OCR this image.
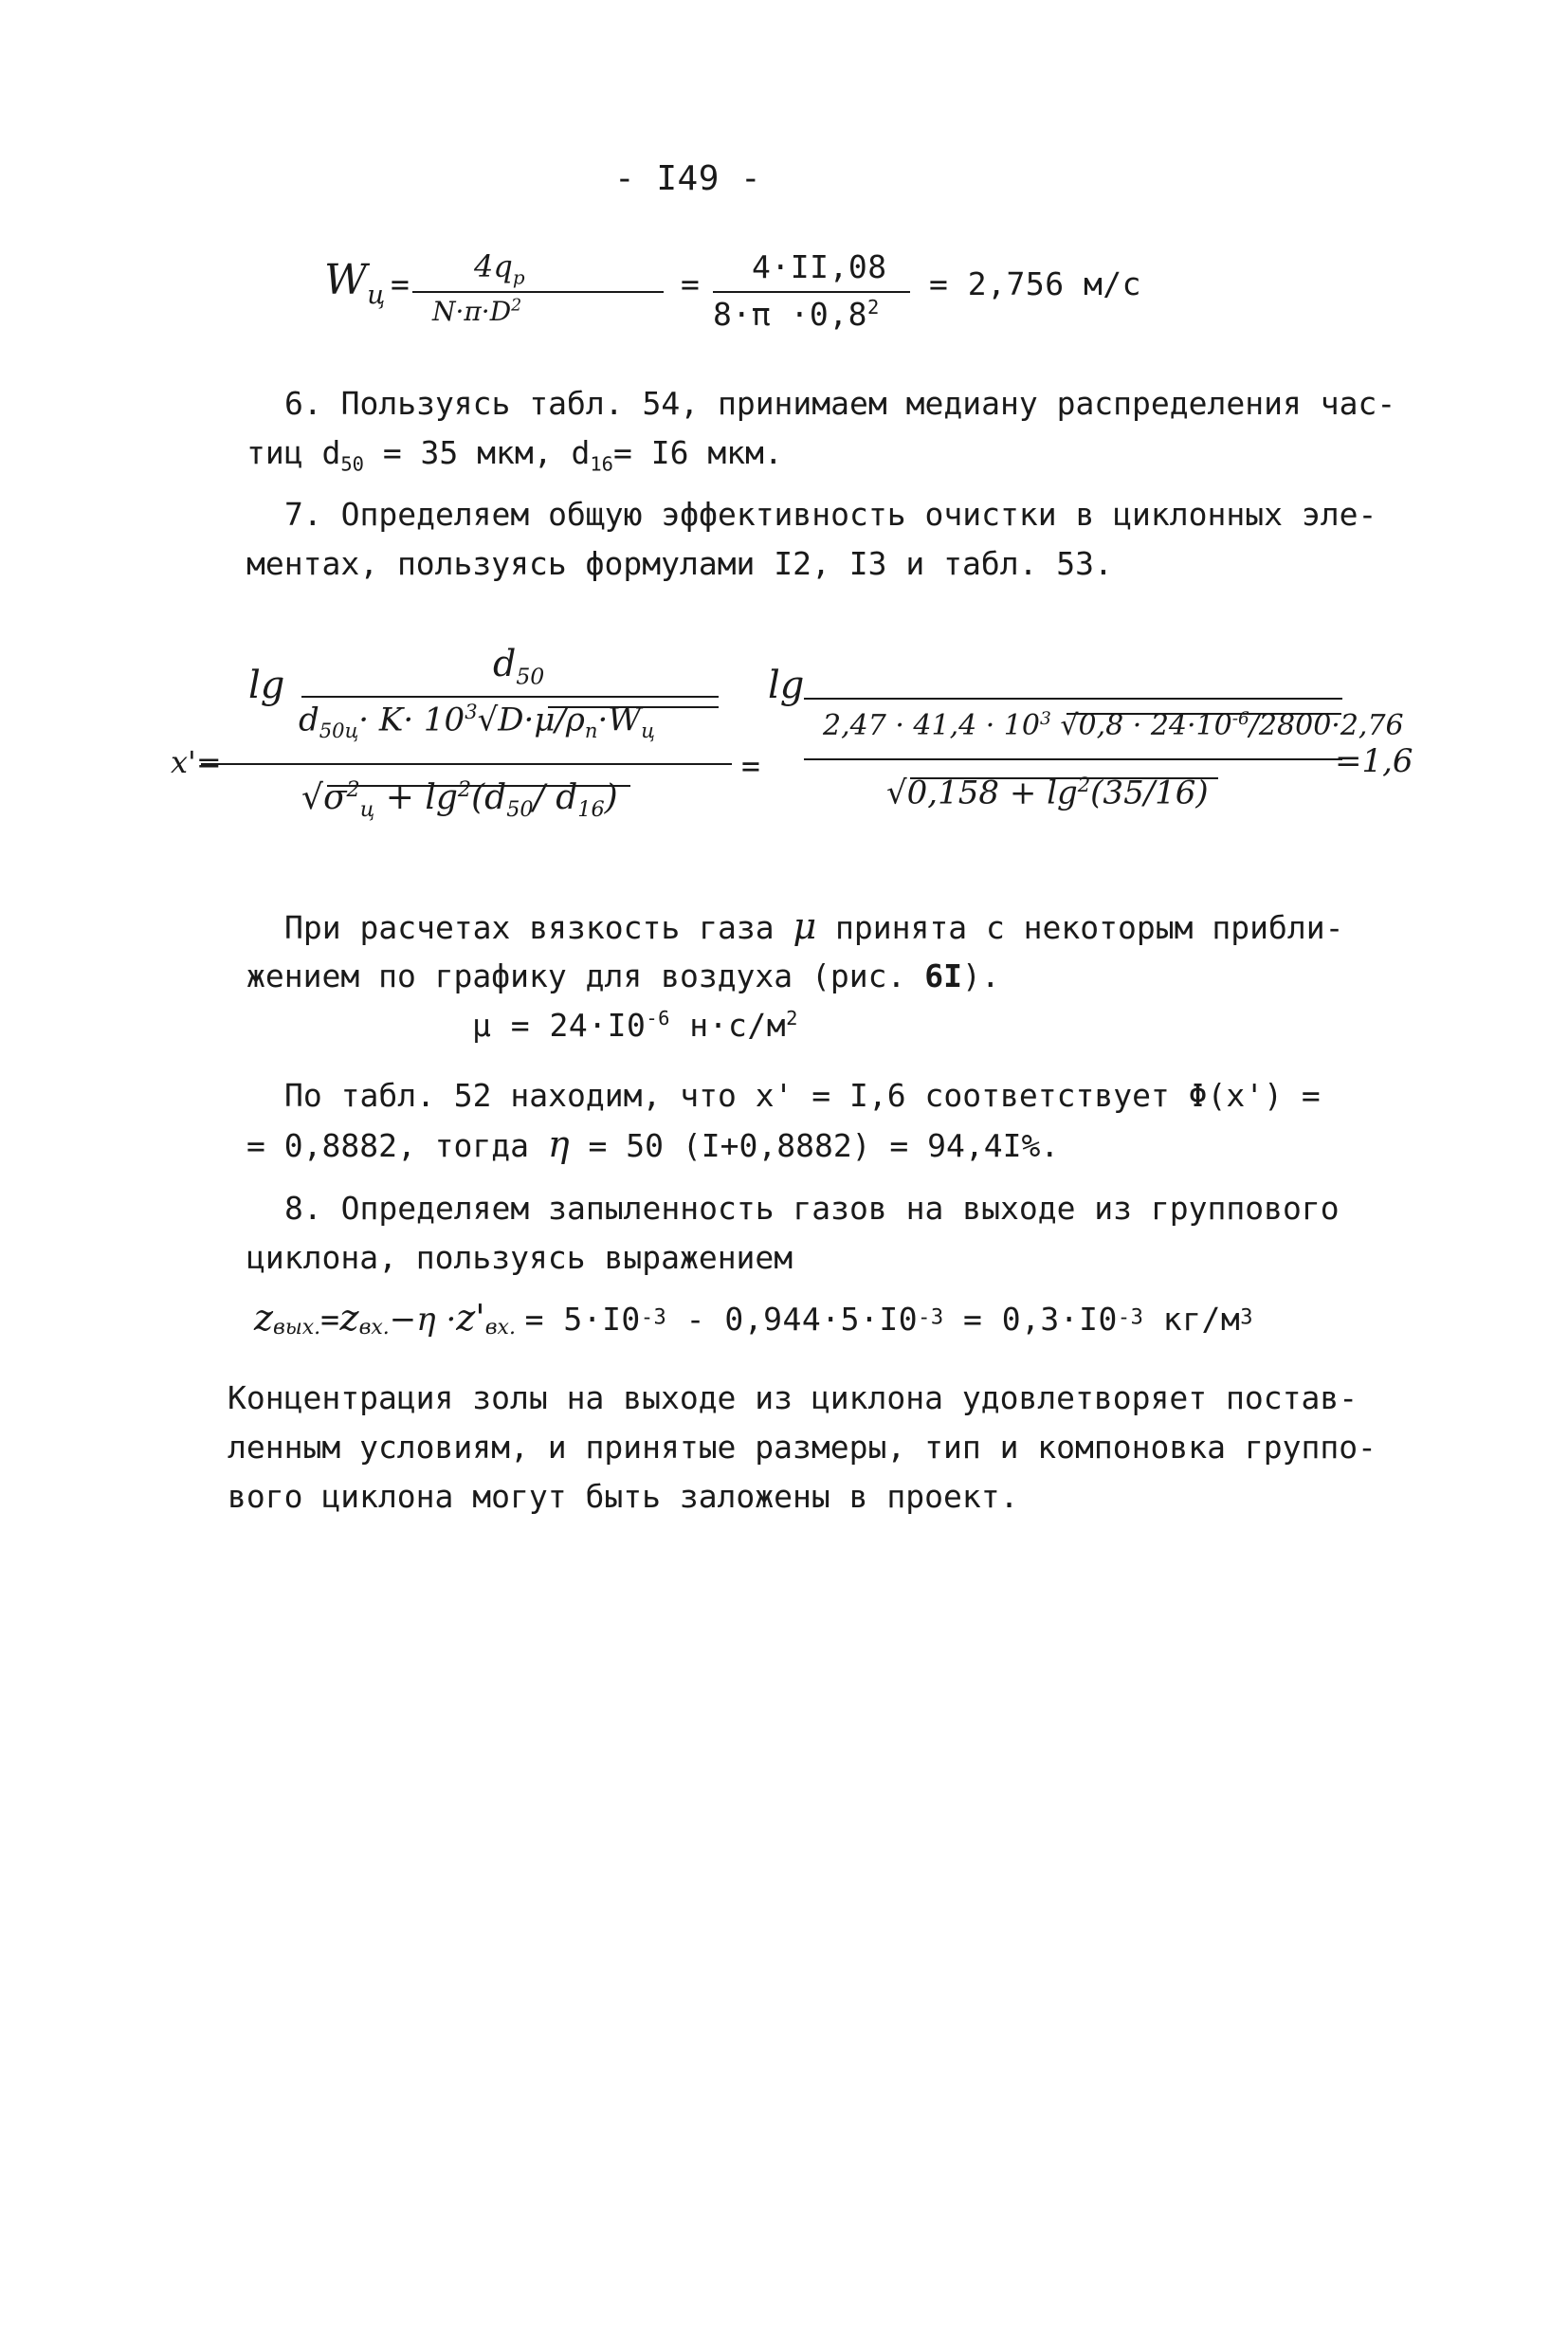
- I49 -
$W_ц = 4q_р$
$N\cdot\pi\cdot D^2$
= 4·II,08
$8\cdot\pi \cdot 0,8^2$
= 2,756 м/с
6. Пользуясь табл. 54, принимаем медиану распределения час-
тиц $d_{50} = 35$ мкм, $d_{16}= I6$ мкм.
7. Определяем общую эффективность очистки в циклонных эле-
ментах, пользуясь формулами I2, I3 и табл. 53.
x'=
lg	$d_{50}$
$d_{50ц}\cdot K\cdot 10^3√D\cdot\mu/\rho_п\cdot W_ц$
$√\sigma^2_ц + \lg^2(d_{50}/$ $d_{16}$)
=
lg
$2,47 \cdot 41,4 \cdot 10^3$ $√0,8 \cdot 24\cdot 10^{-6}/2800\cdot 2,76$
$√0,158 + \lg^2(35/16)$
=1,6
При расчетах вязкость газа μ принята с некоторым прибли-
жением по графику для воздуха (рис. 6I).
$\mu = 24\cdot I0^{-6}$ $н\cdot с/м^2$
По табл. 52 находим, что x' = I,6 соответствует Φ(x') =
= 0,8882, тогда η = 50 (I+0,8882) = 94,4I%.
8. Определяем запыленность газов на выходе из группового
циклона, пользуясь выражением
$z_{вых.}=z_{вх.}-\eta \cdot z'_{вх.} = 5\cdot I0^{-3} - 0,944\cdot 5\cdot I0^{-3} = 0,3\cdot I0^{-3}$ $кг/м^3$
Концентрация золы на выходе из циклона удовлетворяет постав-
ленным условиям, и принятые размеры, тип и компоновка группо-
вого циклона могут быть заложены в проект.
